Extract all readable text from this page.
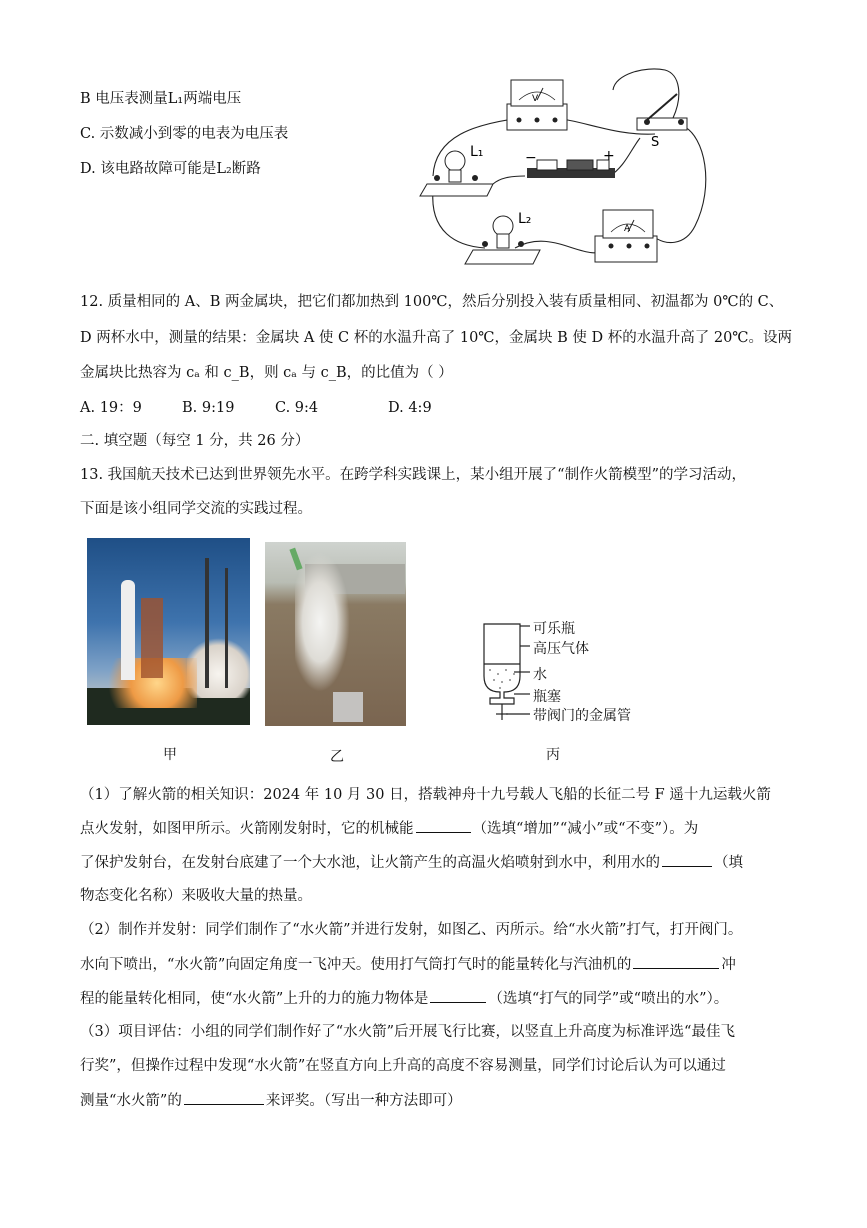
B 电压表测量L₁两端电压
C. 示数减小到零的电表为电压表
D. 该电路故障可能是L₂断路
V
S
−	+
L₁
L₂
A
12. 质量相同的 A、B 两金属块，把它们都加热到 100℃，然后分别投入装有质量相同、初温都为 0℃的 C、
D 两杯水中，测量的结果：金属块 A 使 C 杯的水温升高了 10℃，金属块 B 使 D 杯的水温升高了 20℃。设两
金属块比热容为 cₐ 和 c_B，则 cₐ 与 c_B，的比值为（ ）
A. 19：9	B. 9:19	C. 9:4	D. 4:9
二. 填空题（每空 1 分，共 26 分）
13. 我国航天技术已达到世界领先水平。在跨学科实践课上，某小组开展了“制作火箭模型”的学习活动，
下面是该小组同学交流的实践过程。
甲	乙
可乐瓶
高压气体
水
瓶塞
带阀门的金属管
丙
（1）了解火箭的相关知识：2024 年 10 月 30 日，搭载神舟十九号载人飞船的长征二号 F 遥十九运载火箭
点火发射，如图甲所示。火箭刚发射时，它的机械能	（选填“增加”“减小”或“不变”）。为
了保护发射台，在发射台底建了一个大水池，让火箭产生的高温火焰喷射到水中，利用水的	（填
物态变化名称）来吸收大量的热量。
（2）制作并发射：同学们制作了“水火箭”并进行发射，如图乙、丙所示。给“水火箭”打气，打开阀门。
水向下喷出，“水火箭”向固定角度一飞冲天。使用打气筒打气时的能量转化与汽油机的	冲
程的能量转化相同，使“水火箭”上升的力的施力物体是	（选填“打气的同学”或“喷出的水”）。
（3）项目评估：小组的同学们制作好了“水火箭”后开展飞行比赛，以竖直上升高度为标准评选“最佳飞
行奖”，但操作过程中发现“水火箭”在竖直方向上升高的高度不容易测量，同学们讨论后认为可以通过
测量“水火箭”的	来评奖。（写出一种方法即可）
